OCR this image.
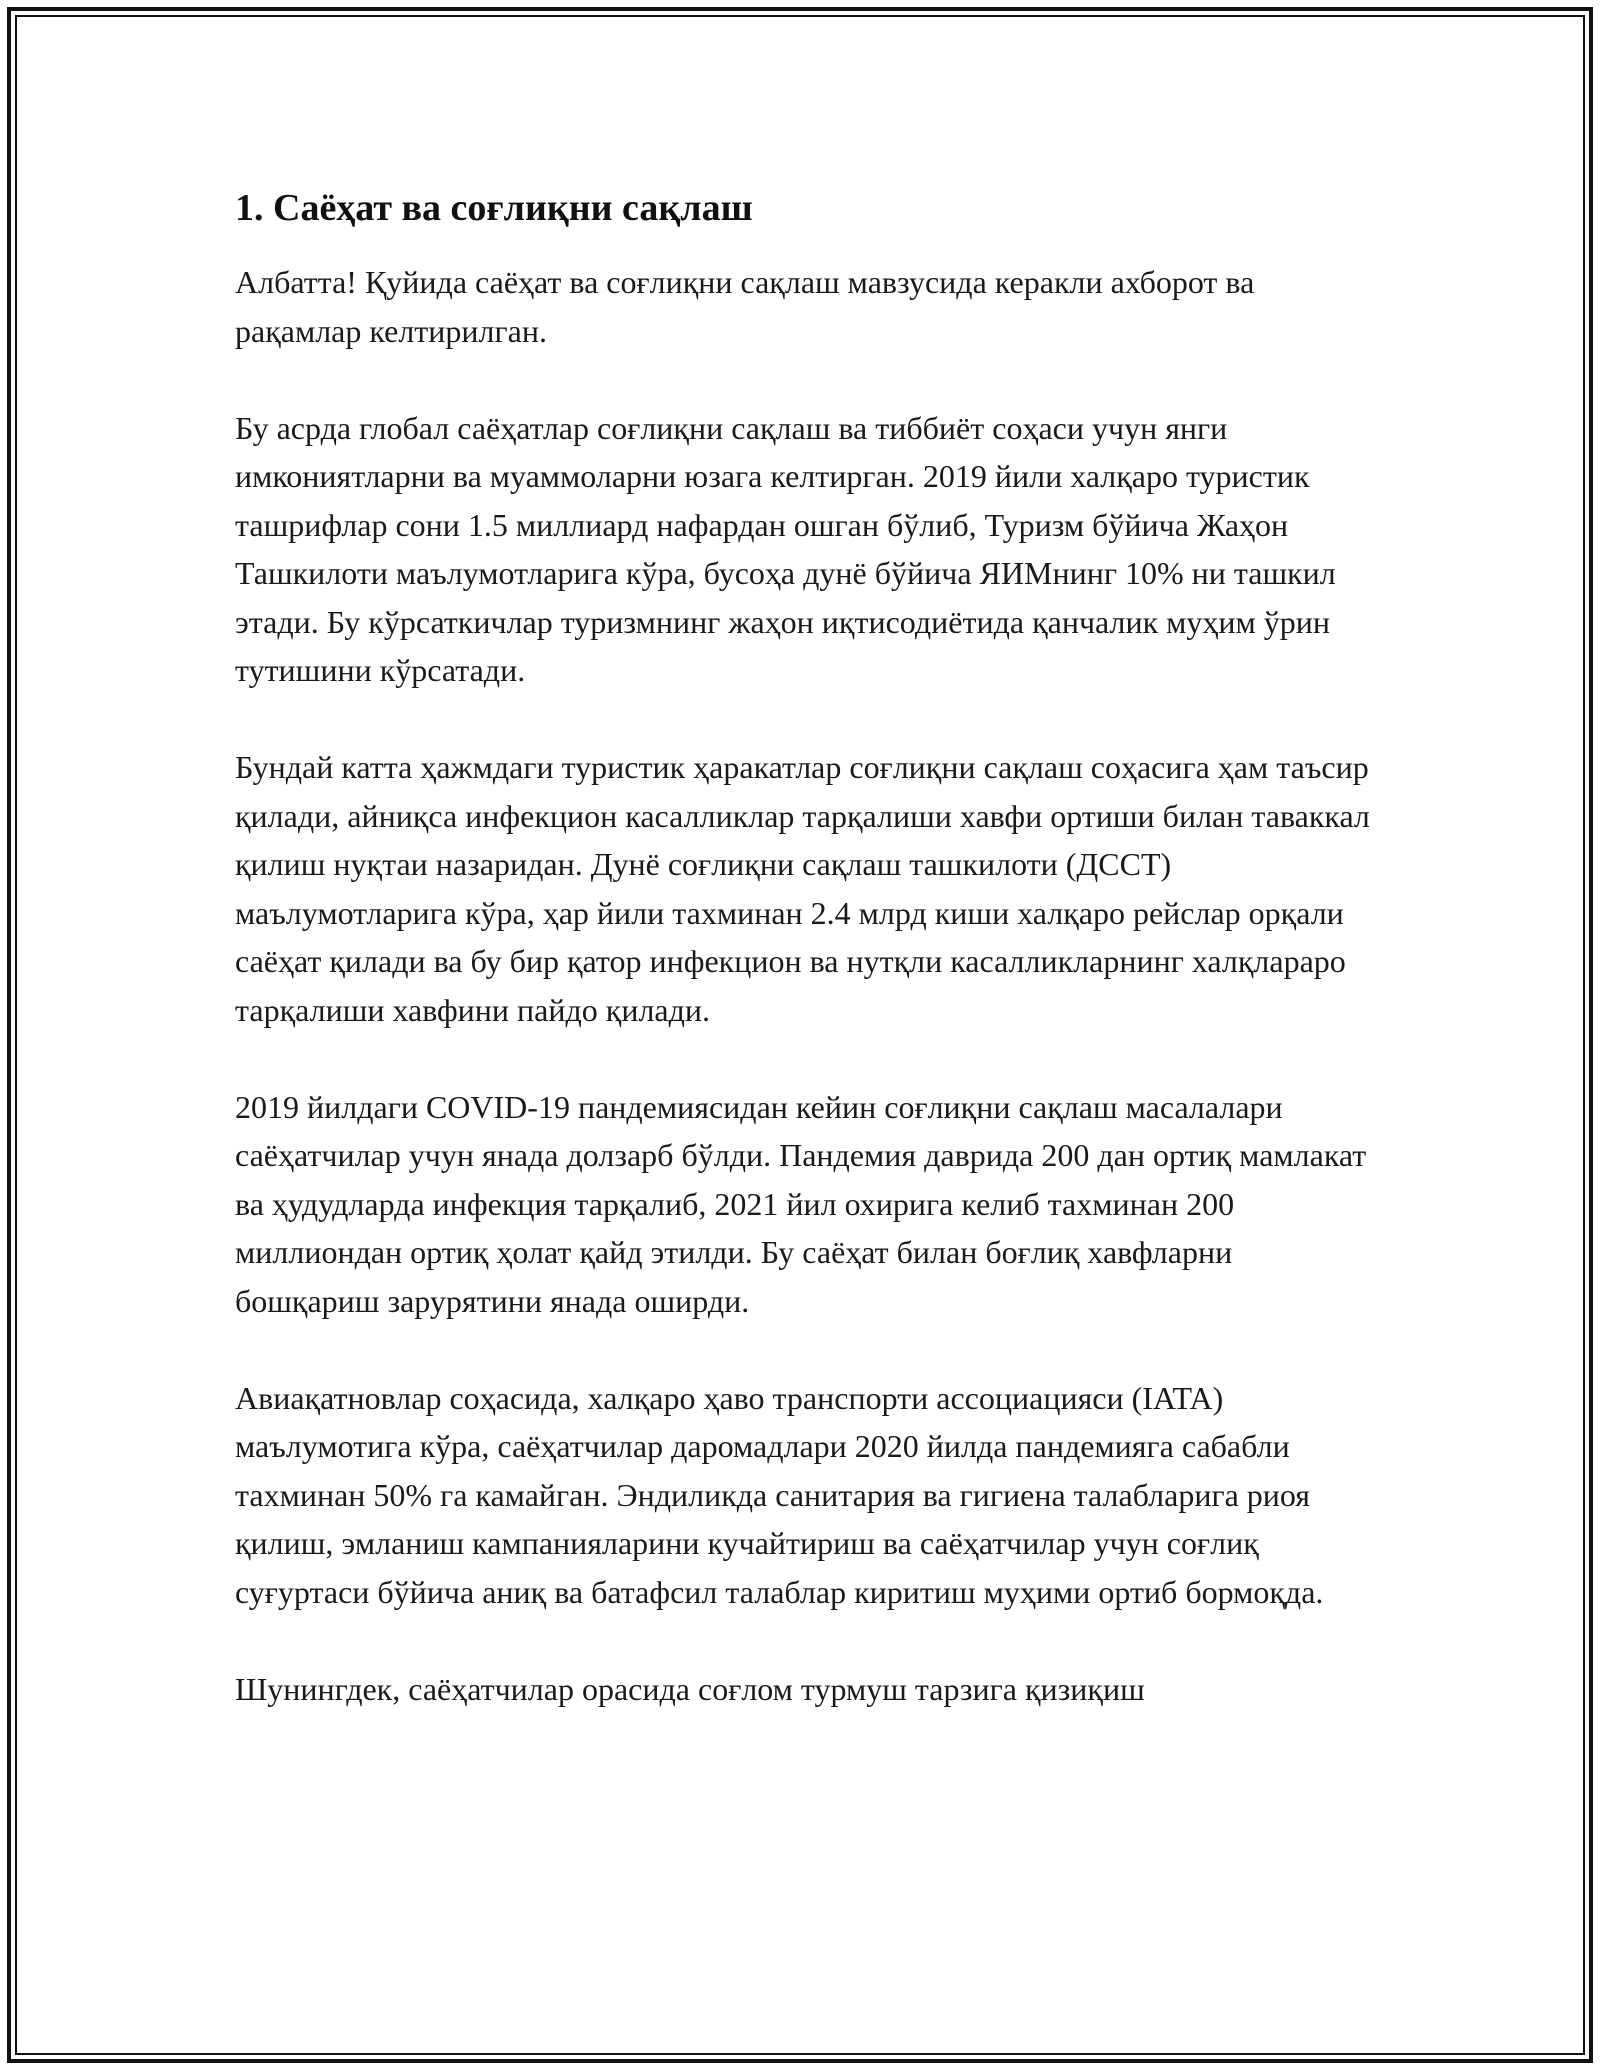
1. Саёҳат ва соғлиқни сақлаш

Албатта! Қуйида саёҳат ва соғлиқни сақлаш мавзусида керакли ахборот ва рақамлар келтирилган.

Бу асрда глобал саёҳатлар соғлиқни сақлаш ва тиббиёт соҳаси учун янги имкониятларни ва муаммоларни юзага келтирган. 2019 йили халқаро туристик ташрифлар сони 1.5 миллиард нафардан ошган бўлиб, Туризм бўйича Жаҳон Ташкилоти маълумотларига кўра, бусоҳа дунё бўйича ЯИМнинг 10% ни ташкил этади. Бу кўрсаткичлар туризмнинг жаҳон иқтисодиётида қанчалик муҳим ўрин тутишини кўрсатади.

Бундай катта ҳажмдаги туристик ҳаракатлар соғлиқни сақлаш соҳасига ҳам таъсир қилади, айниқса инфекцион касалликлар тарқалиши хавфи ортиши билан таваккал қилиш нуқтаи назаридан. Дунё соғлиқни сақлаш ташкилоти (ДССТ) маълумотларига кўра, ҳар йили тахминан 2.4 млрд киши халқаро рейслар орқали саёҳат қилади ва бу бир қатор инфекцион ва нутқли касалликларнинг халқлараро тарқалиши хавфини пайдо қилади.

2019 йилдаги COVID-19 пандемиясидан кейин соғлиқни сақлаш масалалари саёҳатчилар учун янада долзарб бўлди. Пандемия даврида 200 дан ортиқ мамлакат ва ҳудудларда инфекция тарқалиб, 2021 йил охирига келиб тахминан 200 миллиондан ортиқ ҳолат қайд этилди. Бу саёҳат билан боғлиқ хавфларни бошқариш зарурятини янада оширди.

Авиақатновлар соҳасида, халқаро ҳаво транспорти ассоциацияси (IATA) маълумотига кўра, саёҳатчилар даромадлари 2020 йилда пандемияга сабабли тахминан 50% га камайган. Эндиликда санитария ва гигиена талабларига риоя қилиш, эмланиш кампанияларини кучайтириш ва саёҳатчилар учун соғлиқ суғуртаси бўйича аниқ ва батафсил талаблар киритиш муҳими ортиб бормоқда.

Шунингдек, саёҳатчилар орасида соғлом турмуш тарзига қизиқиш
